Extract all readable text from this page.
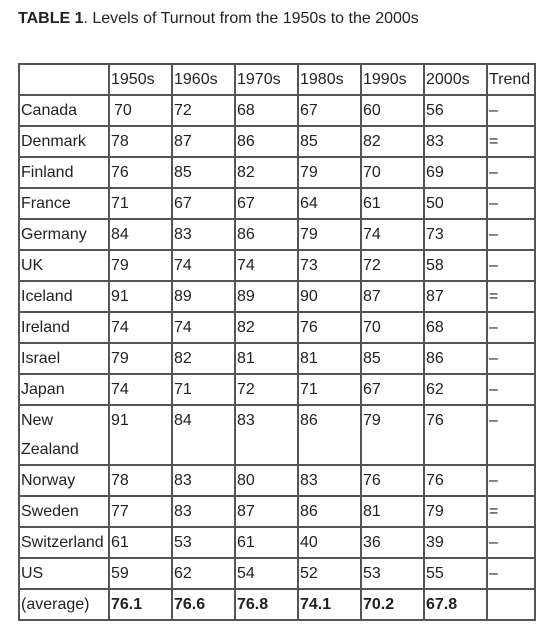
TABLE 1. Levels of Turnout from the 1950s to the 2000s
	1950s	1960s	1970s	1980s	1990s	2000s	Trend
Canada	70	72	68	67	60	56	–
Denmark	78	87	86	85	82	83	=
Finland	76	85	82	79	70	69	–
France	71	67	67	64	61	50	–
Germany	84	83	86	79	74	73	–
UK	79	74	74	73	72	58	–
Iceland	91	89	89	90	87	87	=
Ireland	74	74	82	76	70	68	–
Israel	79	82	81	81	85	86	–
Japan	74	71	72	71	67	62	–
New Zealand	91	84	83	86	79	76	–
Norway	78	83	80	83	76	76	–
Sweden	77	83	87	86	81	79	=
Switzerland	61	53	61	40	36	39	–
US	59	62	54	52	53	55	–
(average)	76.1	76.6	76.8	74.1	70.2	67.8	
